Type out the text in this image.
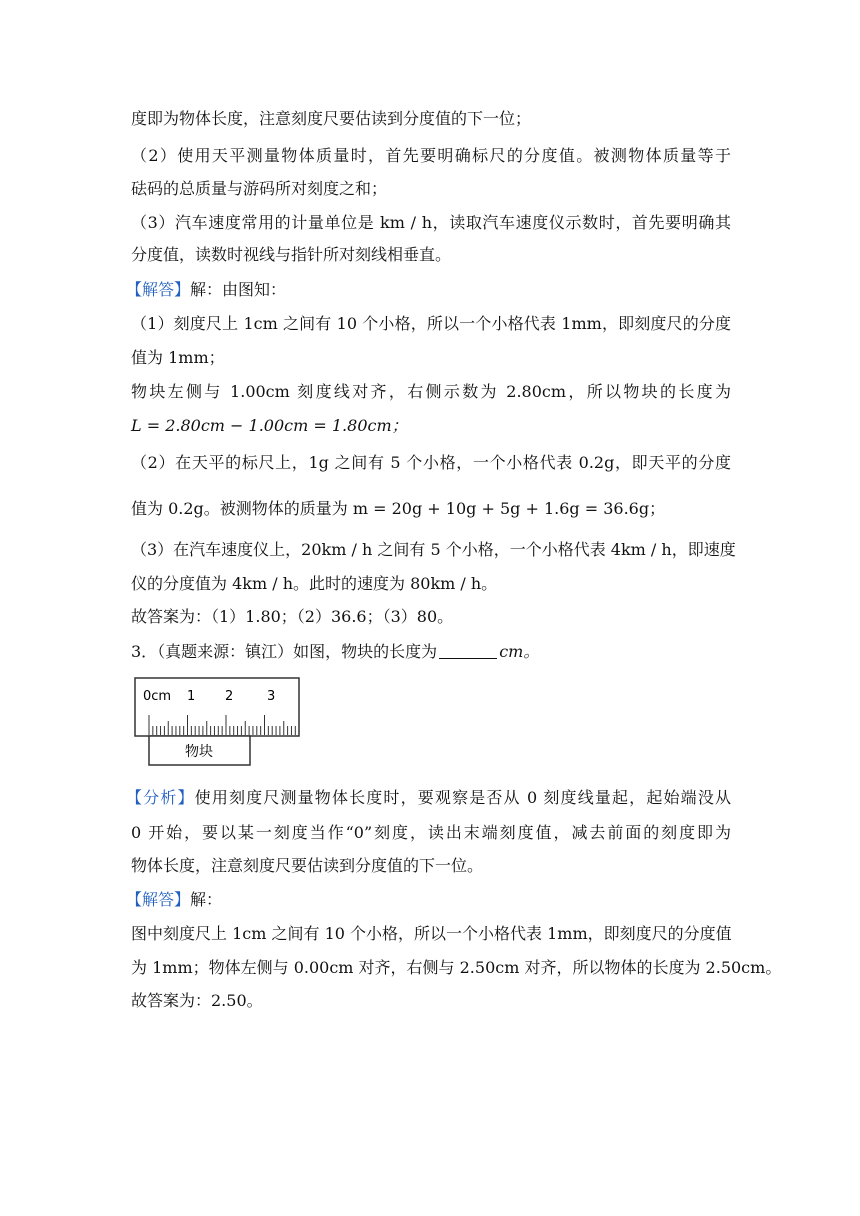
度即为物体长度，注意刻度尺要估读到分度值的下一位；
（2）使用天平测量物体质量时，首先要明确标尺的分度值。被测物体质量等于
砝码的总质量与游码所对刻度之和；
（3）汽车速度常用的计量单位是 km / h，读取汽车速度仪示数时，首先要明确其
分度值，读数时视线与指针所对刻线相垂直。
【解答】解：由图知：
（1）刻度尺上 1cm 之间有 10 个小格，所以一个小格代表 1mm，即刻度尺的分度
值为 1mm；
物块左侧与 1.00cm 刻度线对齐，右侧示数为 2.80cm，所以物块的长度为
L = 2.80cm − 1.00cm = 1.80cm；
（2）在天平的标尺上，1g 之间有 5 个小格，一个小格代表 0.2g，即天平的分度
值为 0.2g。被测物体的质量为 m = 20g + 10g + 5g + 1.6g = 36.6g；
（3）在汽车速度仪上，20km / h 之间有 5 个小格，一个小格代表 4km / h，即速度
仪的分度值为 4km / h。此时的速度为 80km / h。
故答案为：（1）1.80；（2）36.6；（3）80。
3．（真题来源：镇江）如图，物块的长度为	cm。
0cm 1 2	3
物块
【分析】使用刻度尺测量物体长度时，要观察是否从 0 刻度线量起，起始端没从
0 开始，要以某一刻度当作“0”刻度，读出末端刻度值，减去前面的刻度即为
物体长度，注意刻度尺要估读到分度值的下一位。
【解答】解：
图中刻度尺上 1cm 之间有 10 个小格，所以一个小格代表 1mm，即刻度尺的分度值
为 1mm；物体左侧与 0.00cm 对齐，右侧与 2.50cm 对齐，所以物体的长度为 2.50cm。
故答案为：2.50。
